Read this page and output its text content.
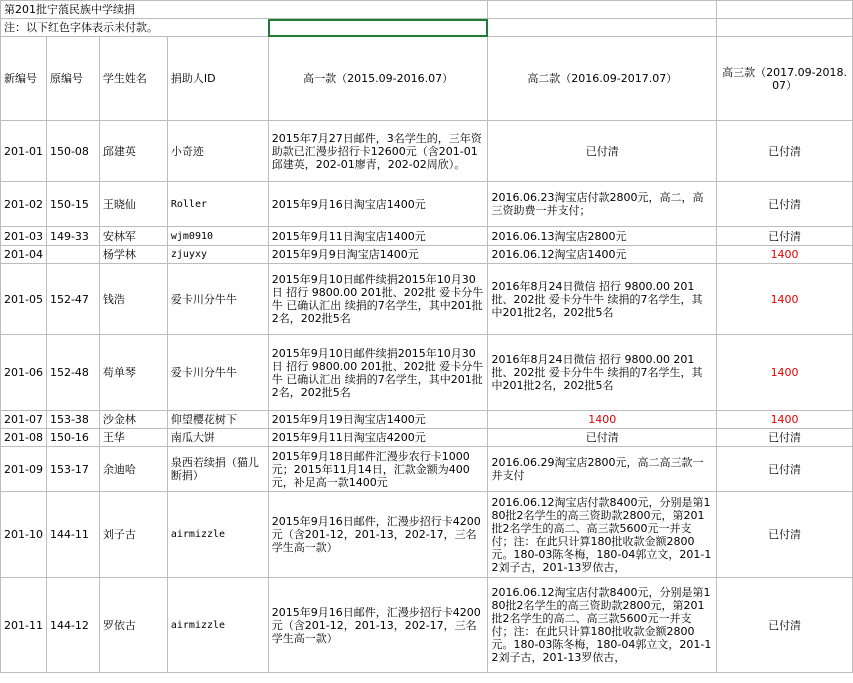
第201批宁蒗民族中学续捐						
注：以下红色字体表示未付款。						
新编号	原编号	学生姓名	捐助人ID	高一款（2015.09-2016.07）	高二款（2016.09-2017.07）	高三款（2017.09-2018.07）
201-01	150-08	邱建英	小奇迹	2015年7月27日邮件，3名学生的，三年资助款已汇漫步招行卡12600元（含201-01邱建英，202-01廖青，202-02周欣）。	已付清	已付清
201-02	150-15	王晓仙	Roller	2015年9月16日淘宝店1400元	2016.06.23淘宝店付款2800元，高二，高三资助费一并支付；	已付清
201-03	149-33	安林军	wjm0910	2015年9月11日淘宝店1400元	2016.06.13淘宝店2800元	已付清
201-04		杨学林	zjuyxy	2015年9月9日淘宝店1400元	2016.06.12淘宝店1400元	1400
201-05	152-47	钱浩	爱卡川分牛牛	2015年9月10日邮件续捐2015年10月30日 招行 9800.00 201批、202批 爱卡分牛牛 已确认汇出 续捐的7名学生，其中201批2名，202批5名	2016年8月24日微信 招行 9800.00 201批、202批 爱卡分牛牛 续捐的7名学生，其中201批2名，202批5名	1400
201-06	152-48	苟单琴	爱卡川分牛牛	2015年9月10日邮件续捐2015年10月30日 招行 9800.00 201批、202批 爱卡分牛牛 已确认汇出 续捐的7名学生，其中201批2名，202批5名	2016年8月24日微信 招行 9800.00 201批、202批 爱卡分牛牛 续捐的7名学生，其中201批2名，202批5名	1400
201-07	153-38	沙金林	仰望樱花树下	2015年9月19日淘宝店1400元	1400	1400
201-08	150-16	王华	南瓜大饼	2015年9月11日淘宝店4200元	已付清	已付清
201-09	153-17	余迪哈	泉西若续捐（猫儿断捐）	2015年9月18日邮件汇漫步农行卡1000元；2015年11月14日，汇款金额为400元，补足高一款1400元	2016.06.29淘宝店2800元，高二高三款一并支付	已付清
201-10	144-11	刘子古	airmizzle	2015年9月16日邮件，汇漫步招行卡4200元（含201-12，201-13，202-17，三名学生高一款）	2016.06.12淘宝店付款8400元，分别是第180批2名学生的高三资助款2800元，第201批2名学生的高二、高三款5600元一并支付；注：在此只计算180批收款金额2800元。180-03陈冬梅，180-04郭立文，201-12刘子古，201-13罗依古，	已付清
201-11	144-12	罗依古	airmizzle	2015年9月16日邮件，汇漫步招行卡4200元（含201-12，201-13，202-17，三名学生高一款）	2016.06.12淘宝店付款8400元，分别是第180批2名学生的高三资助款2800元，第201批2名学生的高二、高三款5600元一并支付；注：在此只计算180批收款金额2800元。180-03陈冬梅，180-04郭立文，201-12刘子古，201-13罗依古，	已付清
